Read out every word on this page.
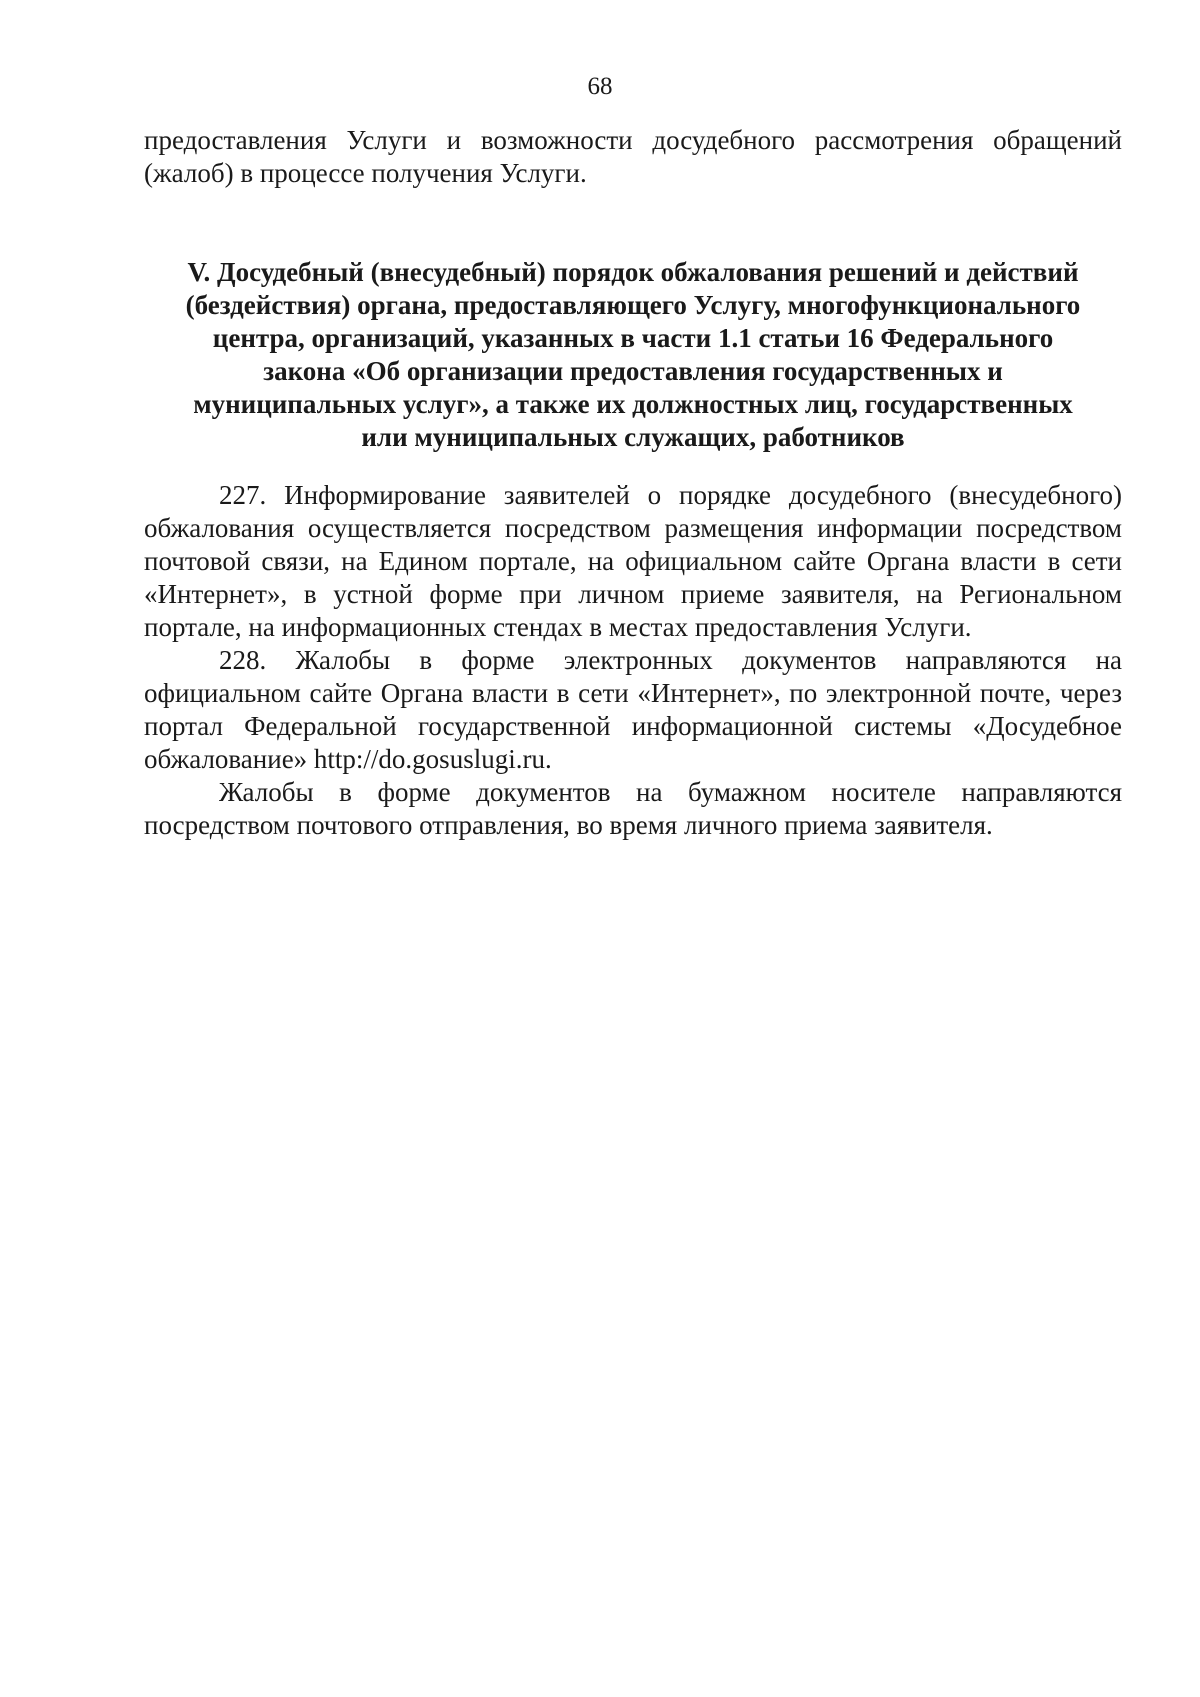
68

предоставления Услуги и возможности досудебного рассмотрения обращений (жалоб) в процессе получения Услуги.

V. Досудебный (внесудебный) порядок обжалования решений и действий
(бездействия) органа, предоставляющего Услугу, многофункционального
центра, организаций, указанных в части 1.1 статьи 16 Федерального
закона «Об организации предоставления государственных и
муниципальных услуг», а также их должностных лиц, государственных
или муниципальных служащих, работников

227. Информирование заявителей о порядке досудебного (внесудебного) обжалования осуществляется посредством размещения информации посредством почтовой связи, на Едином портале, на официальном сайте Органа власти в сети «Интернет», в устной форме при личном приеме заявителя, на Региональном портале, на информационных стендах в местах предоставления Услуги.

228. Жалобы в форме электронных документов направляются на официальном сайте Органа власти в сети «Интернет», по электронной почте, через портал Федеральной государственной информационной системы «Досудебное обжалование» http://do.gosuslugi.ru.

Жалобы в форме документов на бумажном носителе направляются посредством почтового отправления, во время личного приема заявителя.
